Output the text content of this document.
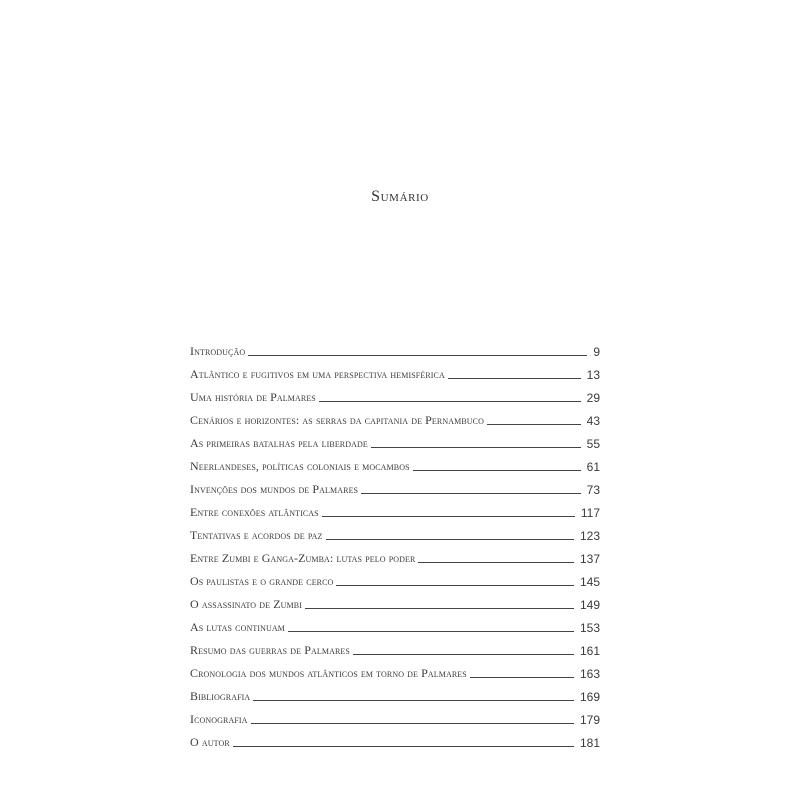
Sumário
Introdução	9
Atlântico e fugitivos em uma perspectiva hemisférica	13
Uma história de Palmares	29
Cenários e horizontes: as serras da capitania de Pernambuco	43
As primeiras batalhas pela liberdade	55
Neerlandeses, políticas coloniais e mocambos	61
Invenções dos mundos de Palmares	73
Entre conexões atlânticas	117
Tentativas e acordos de paz	123
Entre Zumbi e Ganga-Zumba: lutas pelo poder	137
Os paulistas e o grande cerco	145
O assassinato de Zumbi	149
As lutas continuam	153
Resumo das guerras de Palmares	161
Cronologia dos mundos atlânticos em torno de Palmares	163
Bibliografia	169
Iconografia	179
O autor	181
